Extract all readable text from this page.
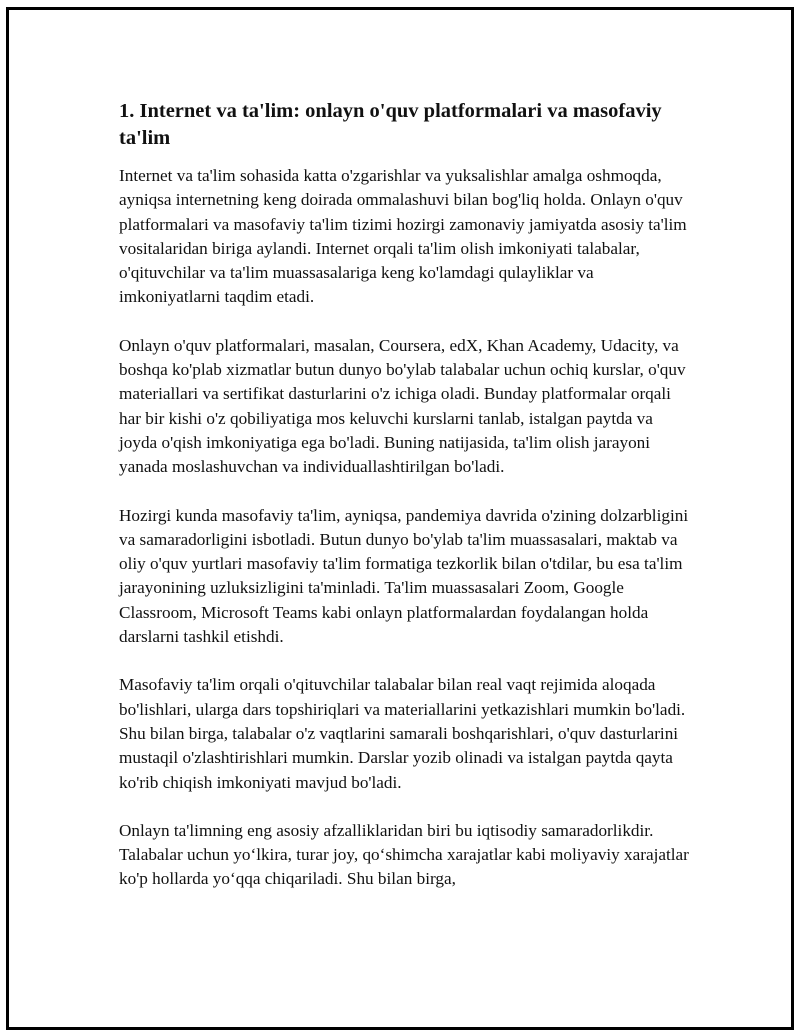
1. Internet va ta'lim: onlayn o'quv platformalari va masofaviy ta'lim

Internet va ta'lim sohasida katta o'zgarishlar va yuksalishlar amalga oshmoqda, ayniqsa internetning keng doirada ommalashuvi bilan bog'liq holda. Onlayn o'quv platformalari va masofaviy ta'lim tizimi hozirgi zamonaviy jamiyatda asosiy ta'lim vositalaridan biriga aylandi. Internet orqali ta'lim olish imkoniyati talabalar, o'qituvchilar va ta'lim muassasalariga keng ko'lamdagi qulayliklar va imkoniyatlarni taqdim etadi.

Onlayn o'quv platformalari, masalan, Coursera, edX, Khan Academy, Udacity, va boshqa ko'plab xizmatlar butun dunyo bo'ylab talabalar uchun ochiq kurslar, o'quv materiallari va sertifikat dasturlarini o'z ichiga oladi. Bunday platformalar orqali har bir kishi o'z qobiliyatiga mos keluvchi kurslarni tanlab, istalgan paytda va joyda o'qish imkoniyatiga ega bo'ladi. Buning natijasida, ta'lim olish jarayoni yanada moslashuvchan va individuallashtirilgan bo'ladi.

Hozirgi kunda masofaviy ta'lim, ayniqsa, pandemiya davrida o'zining dolzarbligini va samaradorligini isbotladi. Butun dunyo bo'ylab ta'lim muassasalari, maktab va oliy o'quv yurtlari masofaviy ta'lim formatiga tezkorlik bilan o'tdilar, bu esa ta'lim jarayonining uzluksizligini ta'minladi. Ta'lim muassasalari Zoom, Google Classroom, Microsoft Teams kabi onlayn platformalardan foydalangan holda darslarni tashkil etishdi.

Masofaviy ta'lim orqali o'qituvchilar talabalar bilan real vaqt rejimida aloqada bo'lishlari, ularga dars topshiriqlari va materiallarini yetkazishlari mumkin bo'ladi. Shu bilan birga, talabalar o'z vaqtlarini samarali boshqarishlari, o'quv dasturlarini mustaqil o'zlashtirishlari mumkin. Darslar yozib olinadi va istalgan paytda qayta ko'rib chiqish imkoniyati mavjud bo'ladi.

Onlayn ta'limning eng asosiy afzalliklaridan biri bu iqtisodiy samaradorlikdir. Talabalar uchun yo‘lkira, turar joy, qo‘shimcha xarajatlar kabi moliyaviy xarajatlar ko'p hollarda yo‘qqa chiqariladi. Shu bilan birga,
